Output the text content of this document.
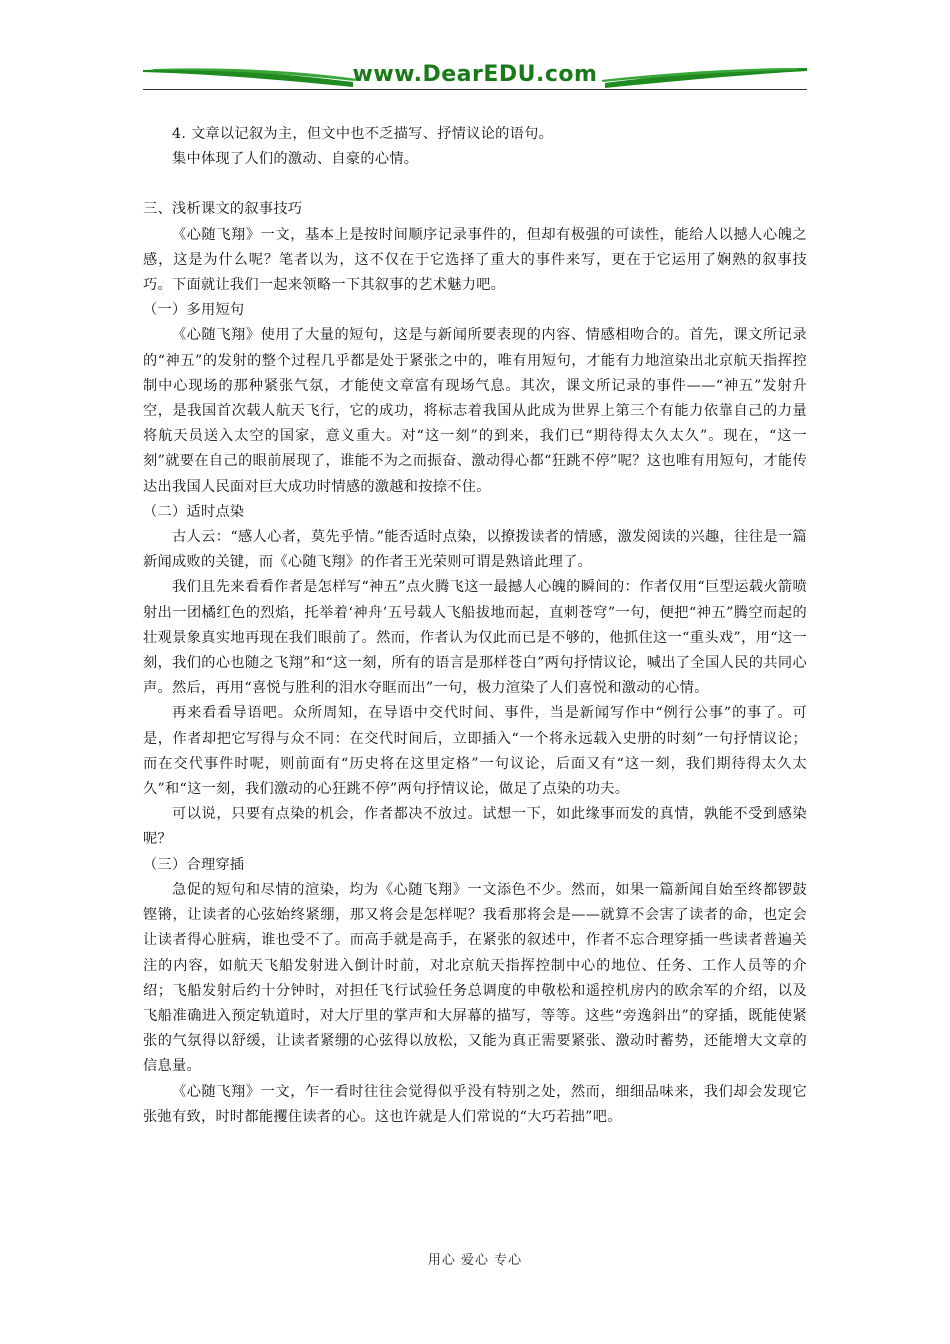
www.DearEDU.com

4. 文章以记叙为主，但文中也不乏描写、抒情议论的语句。

集中体现了人们的激动、自豪的心情。

三、浅析课文的叙事技巧

《心随飞翔》一文，基本上是按时间顺序记录事件的，但却有极强的可读性，能给人以撼人心魄之感，这是为什么呢？笔者以为，这不仅在于它选择了重大的事件来写，更在于它运用了娴熟的叙事技巧。下面就让我们一起来领略一下其叙事的艺术魅力吧。

（一）多用短句

《心随飞翔》使用了大量的短句，这是与新闻所要表现的内容、情感相吻合的。首先，课文所记录的“神五”的发射的整个过程几乎都是处于紧张之中的，唯有用短句，才能有力地渲染出北京航天指挥控制中心现场的那种紧张气氛，才能使文章富有现场气息。其次，课文所记录的事件——“神五”发射升空，是我国首次载人航天飞行，它的成功，将标志着我国从此成为世界上第三个有能力依靠自己的力量将航天员送入太空的国家，意义重大。对“这一刻”的到来，我们已“期待得太久太久”。现在，“这一刻”就要在自己的眼前展现了，谁能不为之而振奋、激动得心都“狂跳不停”呢？这也唯有用短句，才能传达出我国人民面对巨大成功时情感的激越和按捺不住。

（二）适时点染

古人云：“感人心者，莫先乎情。”能否适时点染，以撩拨读者的情感，激发阅读的兴趣，往往是一篇新闻成败的关键，而《心随飞翔》的作者王光荣则可谓是熟谙此理了。

我们且先来看看作者是怎样写“神五”点火腾飞这一最撼人心魄的瞬间的：作者仅用“巨型运载火箭喷射出一团橘红色的烈焰，托举着‘神舟’五号载人飞船拔地而起，直刺苍穹”一句，便把“神五”腾空而起的壮观景象真实地再现在我们眼前了。然而，作者认为仅此而已是不够的，他抓住这一“重头戏”，用“这一刻，我们的心也随之飞翔”和“这一刻，所有的语言是那样苍白”两句抒情议论，喊出了全国人民的共同心声。然后，再用“喜悦与胜利的泪水夺眶而出”一句，极力渲染了人们喜悦和激动的心情。

再来看看导语吧。众所周知，在导语中交代时间、事件，当是新闻写作中“例行公事”的事了。可是，作者却把它写得与众不同：在交代时间后，立即插入“一个将永远载入史册的时刻”一句抒情议论；而在交代事件时呢，则前面有“历史将在这里定格”一句议论，后面又有“这一刻，我们期待得太久太久”和“这一刻，我们激动的心狂跳不停”两句抒情议论，做足了点染的功夫。

可以说，只要有点染的机会，作者都决不放过。试想一下，如此缘事而发的真情，孰能不受到感染呢？

（三）合理穿插

急促的短句和尽情的渲染，均为《心随飞翔》一文添色不少。然而，如果一篇新闻自始至终都锣鼓铿锵，让读者的心弦始终紧绷，那又将会是怎样呢？我看那将会是——就算不会害了读者的命，也定会让读者得心脏病，谁也受不了。而高手就是高手，在紧张的叙述中，作者不忘合理穿插一些读者普遍关注的内容，如航天飞船发射进入倒计时前，对北京航天指挥控制中心的地位、任务、工作人员等的介绍；飞船发射后约十分钟时，对担任飞行试验任务总调度的申敬松和遥控机房内的欧余军的介绍，以及飞船准确进入预定轨道时，对大厅里的掌声和大屏幕的描写，等等。这些“旁逸斜出”的穿插，既能使紧张的气氛得以舒缓，让读者紧绷的心弦得以放松，又能为真正需要紧张、激动时蓄势，还能增大文章的信息量。

《心随飞翔》一文，乍一看时往往会觉得似乎没有特别之处，然而，细细品味来，我们却会发现它张弛有致，时时都能攫住读者的心。这也许就是人们常说的“大巧若拙”吧。

用心 爱心 专心
